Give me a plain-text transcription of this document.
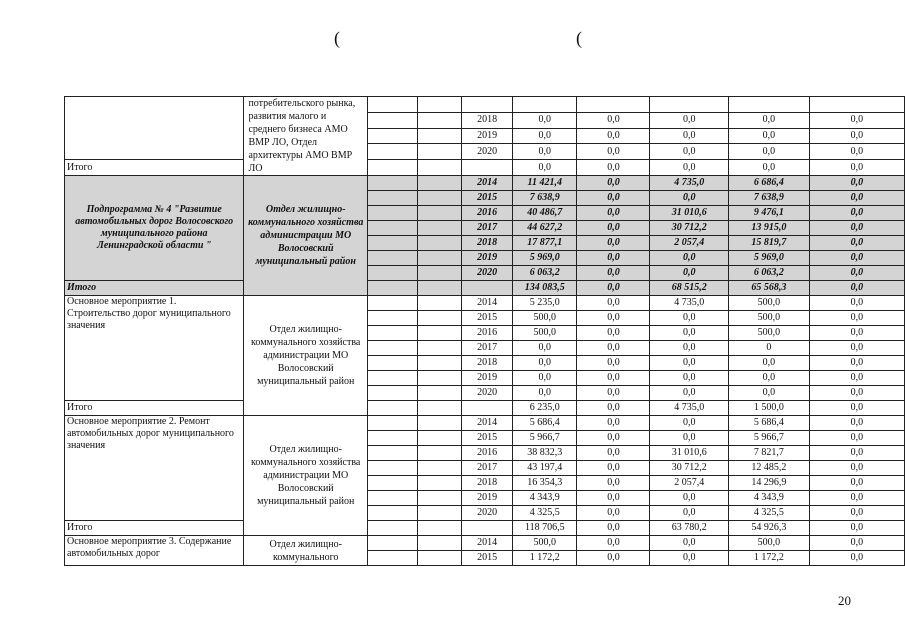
(	(
	потребительского рынка, развития малого и среднего бизнеса АМО ВМР ЛО, Отдел архитектуры АМО ВМР ЛО								
				2018	0,0	0,0	0,0	0,0	0,0
				2019	0,0	0,0	0,0	0,0	0,0
				2020	0,0	0,0	0,0	0,0	0,0
Итого					0,0	0,0	0,0	0,0	0,0
Подпрограмма № 4 "Развитие автомобильных дорог Волосовского муниципального района Ленинградской области "	Отдел жилищно-коммунального хозяйства администрации МО Волосовский муниципальный район			2014	11 421,4	0,0	4 735,0	6 686,4	0,0
				2015	7 638,9	0,0	0,0	7 638,9	0,0
				2016	40 486,7	0,0	31 010,6	9 476,1	0,0
				2017	44 627,2	0,0	30 712,2	13 915,0	0,0
				2018	17 877,1	0,0	2 057,4	15 819,7	0,0
				2019	5 969,0	0,0	0,0	5 969,0	0,0
				2020	6 063,2	0,0	0,0	6 063,2	0,0
Итого					134 083,5	0,0	68 515,2	65 568,3	0,0
Основное мероприятие 1. Строительство дорог муниципального значения	Отдел жилищно-коммунального хозяйства администрации МО Волосовский муниципальный район			2014	5 235,0	0,0	4 735,0	500,0	0,0
				2015	500,0	0,0	0,0	500,0	0,0
				2016	500,0	0,0	0,0	500,0	0,0
				2017	0,0	0,0	0,0	0	0,0
				2018	0,0	0,0	0,0	0,0	0,0
				2019	0,0	0,0	0,0	0,0	0,0
				2020	0,0	0,0	0,0	0,0	0,0
Итого					6 235,0	0,0	4 735,0	1 500,0	0,0
Основное мероприятие 2. Ремонт автомобильных дорог муниципального значения	Отдел жилищно-коммунального хозяйства администрации МО Волосовский муниципальный район			2014	5 686,4	0,0	0,0	5 686,4	0,0
				2015	5 966,7	0,0	0,0	5 966,7	0,0
				2016	38 832,3	0,0	31 010,6	7 821,7	0,0
				2017	43 197,4	0,0	30 712,2	12 485,2	0,0
				2018	16 354,3	0,0	2 057,4	14 296,9	0,0
				2019	4 343,9	0,0	0,0	4 343,9	0,0
				2020	4 325,5	0,0	0,0	4 325,5	0,0
Итого					118 706,5	0,0	63 780,2	54 926,3	0,0
Основное мероприятие 3. Содержание автомобильных дорог	Отдел жилищно-коммунального			2014	500,0	0,0	0,0	500,0	0,0
				2015	1 172,2	0,0	0,0	1 172,2	0,0
20
